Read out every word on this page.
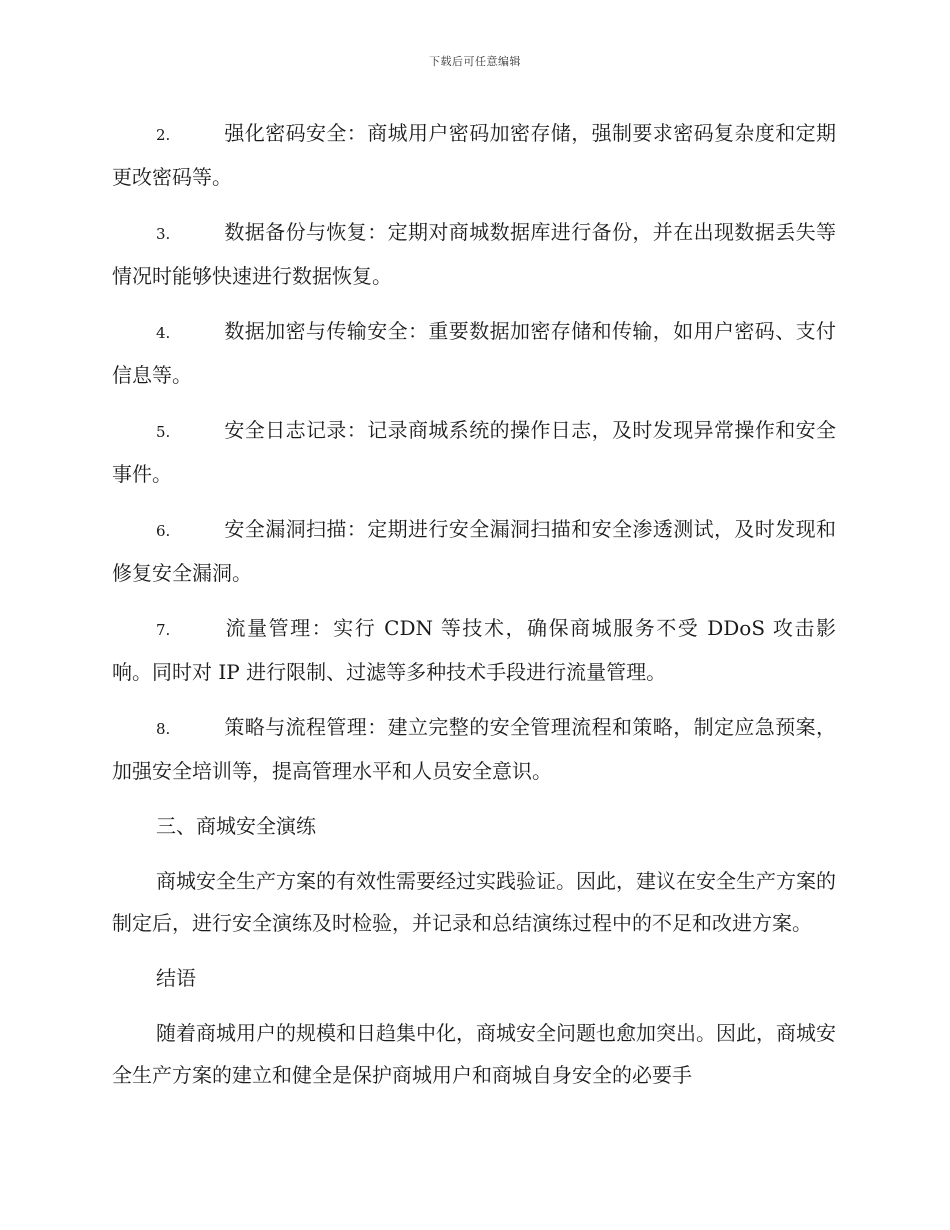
下载后可任意编辑

2.	强化密码安全：商城用户密码加密存储，强制要求密码复杂度和定期更改密码等。

3.	数据备份与恢复：定期对商城数据库进行备份，并在出现数据丢失等情况时能够快速进行数据恢复。

4.	数据加密与传输安全：重要数据加密存储和传输，如用户密码、支付信息等。

5.	安全日志记录：记录商城系统的操作日志，及时发现异常操作和安全事件。

6.	安全漏洞扫描：定期进行安全漏洞扫描和安全渗透测试，及时发现和修复安全漏洞。

7.	流量管理：实行 CDN 等技术，确保商城服务不受 DDoS 攻击影响。同时对 IP 进行限制、过滤等多种技术手段进行流量管理。

8.	策略与流程管理：建立完整的安全管理流程和策略，制定应急预案，加强安全培训等，提高管理水平和人员安全意识。

三、商城安全演练

商城安全生产方案的有效性需要经过实践验证。因此，建议在安全生产方案的制定后，进行安全演练及时检验，并记录和总结演练过程中的不足和改进方案。

结语

随着商城用户的规模和日趋集中化，商城安全问题也愈加突出。因此，商城安全生产方案的建立和健全是保护商城用户和商城自身安全的必要手
